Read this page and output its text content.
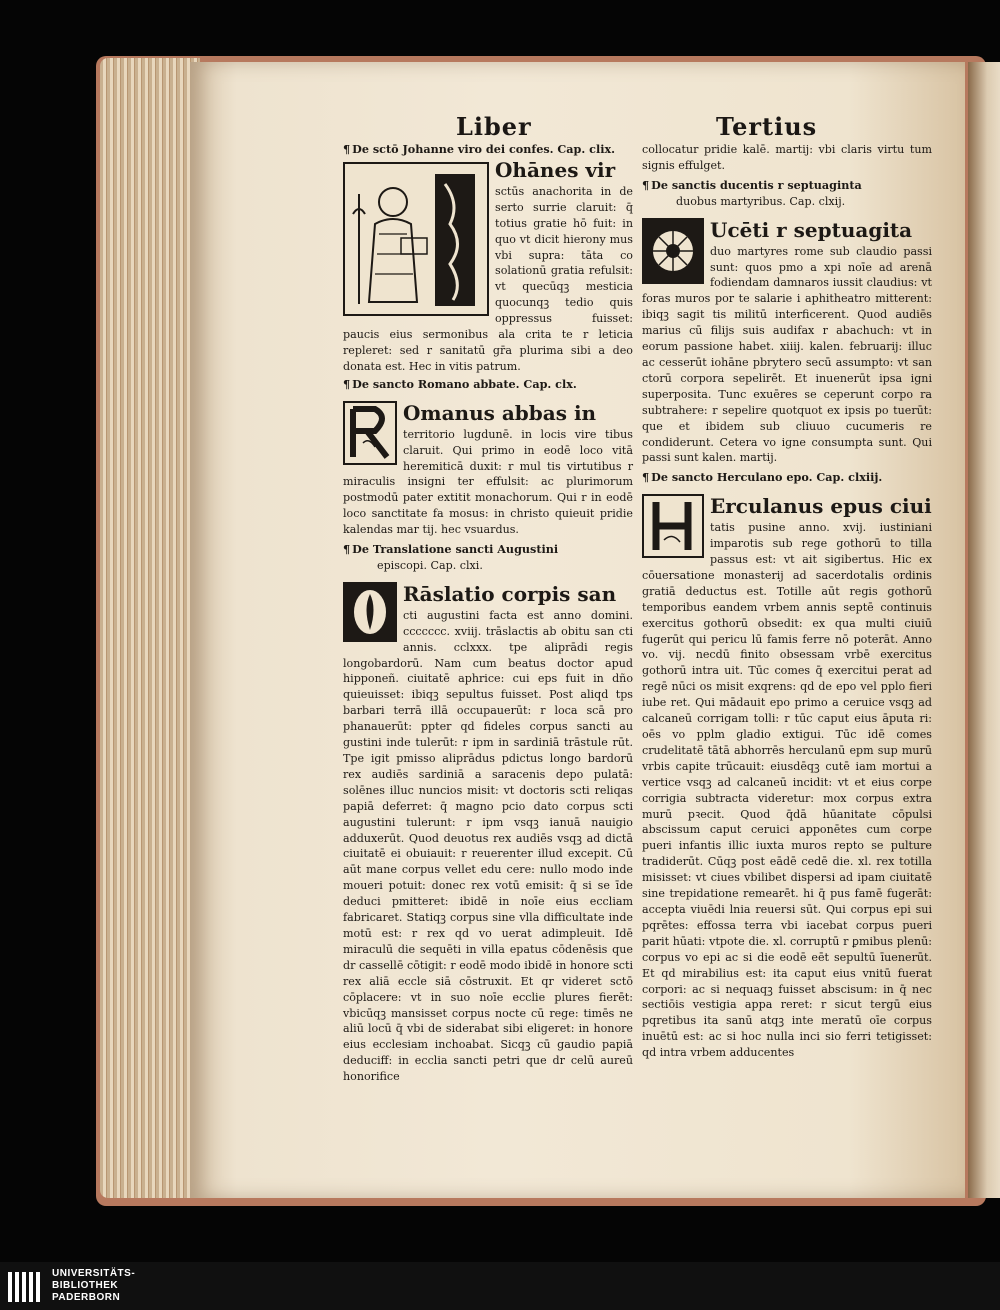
Liber	Tertius

¶ De sctō Johanne viro dei confes. Cap. clix.

Ohānes vir

sctūs anachorita in de serto surrie claruit: q̄ totius gratie hō fuit: in quo vt dicit hierony mus vbi supra: tāta co solationū gratia refulsit: vt quecūqꝫ mesticia quocunqꝫ tedio quis oppressus fuisset: paucis eius sermonibus ala crita te r leticia repleret: sed r sanitatū gr̄a plurima sibi a deo donata est. Hec in vitis patrum.

¶ De sancto Romano abbate. Cap. clx.

Omanus abbas in

territorio lugdunē. in locis vire tibus claruit. Qui primo in eodē loco vitā heremiticā duxit: r mul tis virtutibus r miraculis insigni ter effulsit: ac plurimorum postmodū pater extitit monachorum. Qui r in eodē loco sanctitate fa mosus: in christo quieuit pridie kalendas mar tij. hec vsuardus.

¶ De Translatione sancti Augustini

episcopi. Cap. clxi.

Rāslatio corpis san

cti augustini facta est anno domini. ccccccc. xviij. trāslactis ab obitu san cti annis. cclxxx. tpe aliprādi regis longobardorū. Nam cum beatus doctor apud hipponeñ. ciuitatē aphrice: cui eps fuit in dño quieuisset: ibiqꝫ sepultus fuisset. Post aliqd tps barbari terrā illā occupauerūt: r loca scā pro phanauerūt: ppter qd fideles corpus sancti au gustini inde tulerūt: r ipm in sardiniā trāstule rūt. Tpe igit pmisso aliprādus pdictus longo bardorū rex audiēs sardiniā a saracenis depo pulatā: solēnes illuc nuncios misit: vt doctoris scti reliqas papiā deferret: q̄ magno pcio dato corpus scti augustini tulerunt: r ipm vsqꝫ ianuā nauigio adduxerūt. Quod deuotus rex audiēs vsqꝫ ad dictā ciuitatē ei obuiauit: r reuerenter illud excepit. Cū aūt mane corpus vellet edu cere: nullo modo inde moueri potuit: donec rex votū emisit: q̄ si se īde deduci pmitteret: ibidē in noīe eius eccliam fabricaret. Statiqꝫ corpus sine vlla difficultate inde motū est: r rex qd vo uerat adimpleuit. Idē miraculū die sequēti in villa epatus cōdenēsis que dr cassellē cōtigit: r eodē modo ibidē in honore scti rex aliā eccle siā cōstruxit. Et qr videret sctō cōplacere: vt in suo noīe ecclie plures fierēt: vbicūqꝫ mansisset corpus nocte cū rege: timēs ne aliū locū q̄ vbi de siderabat sibi eligeret: in honore eius ecclesiam inchoabat. Sicqꝫ cū gaudio papiā deduciff: in ecclia sancti petri que dr celū aureū honorifice

collocatur pridie kalē. martij: vbi claris virtu tum signis effulget.

¶ De sanctis ducentis r septuaginta

duobus martyribus. Cap. clxij.

Ucēti r septuagita

duo martyres rome sub claudio passi sunt: quos pmo a xpi noīe ad arenā fodiendam damnaros iussit claudius: vt foras muros por te salarie i aphitheatro mitterent: ibiqꝫ sagit tis militū interficerent. Quod audiēs marius cū filijs suis audifax r abachuch: vt in eorum passione habet. xiiij. kalen. februarij: illuc ac cesserūt iohāne pbrytero secū assumpto: vt san ctorū corpora sepelirēt. Et inuenerūt ipsa igni superposita. Tunc exuēres se ceperunt corpo ra subtrahere: r sepelire quotquot ex ipsis po tuerūt: que et ibidem sub cliuuo cucumeris re condiderunt. Cetera vo igne consumpta sunt. Qui passi sunt kalen. martij.

¶ De sancto Herculano epo. Cap. clxiij.

Erculanus epus ciui

tatis pusine anno. xvij. iustiniani imparotis sub rege gothorū to tilla passus est: vt ait sigibertus. Hic ex cōuersatione monasterij ad sacerdotalis ordinis gratiā deductus est. Totille aūt regis gothorū temporibus eandem vrbem annis septē continuis exercitus gothorū obsedit: ex qua multi ciuiū fugerūt qui pericu lū famis ferre nō poterāt. Anno vo. vij. necdū finito obsessam vrbē exercitus gothorū intra uit. Tūc comes q̄ exercitui perat ad regē nūci os misit exqrens: qd de epo vel pplo fieri iube ret. Qui mādauit epo primo a ceruice vsqꝫ ad calcaneū corrigam tolli: r tūc caput eius āputa ri: oēs vo pplm gladio extigui. Tūc idē comes crudelitatē tātā abhorrēs herculanū epm sup murū vrbis capite trūcauit: eiusdēqꝫ cutē iam mortui a vertice vsqꝫ ad calcaneū incidit: vt et eius corpe corrigia subtracta videretur: mox corpus extra murū pꝛecit. Quod q̄dā hūanitate cōpulsi abscissum caput ceruici apponētes cum corpe pueri infantis illic iuxta muros repto se pulture tradiderūt. Cūqꝫ post eādē cedē die. xl. rex totilla misisset: vt ciues vbilibet dispersi ad ipam ciuitatē sine trepidatione remearēt. hi q̄ pus famē fugerāt: accepta viuēdi lnia reuersi sūt. Qui corpus epi sui pqrētes: effossa terra vbi iacebat corpus pueri parit hūati: vtpote die. xl. corruptū r ꝑmibus plenū: corpus vo epi ac si die eodē eēt sepultū īuenerūt. Et qd mirabilius est: ita caput eius vnitū fuerat corpori: ac si nequaqꝫ fuisset abscisum: in q̄ nec sectiōis vestigia appa reret: r sicut tergū eius pqretibus ita sanū atqꝫ inte meratū oīe corpus inuētū est: ac si hoc nulla inci sio ferri tetigisset: qd intra vrbem adducentes

UNIVERSITÄTS-
BIBLIOTHEK
PADERBORN
